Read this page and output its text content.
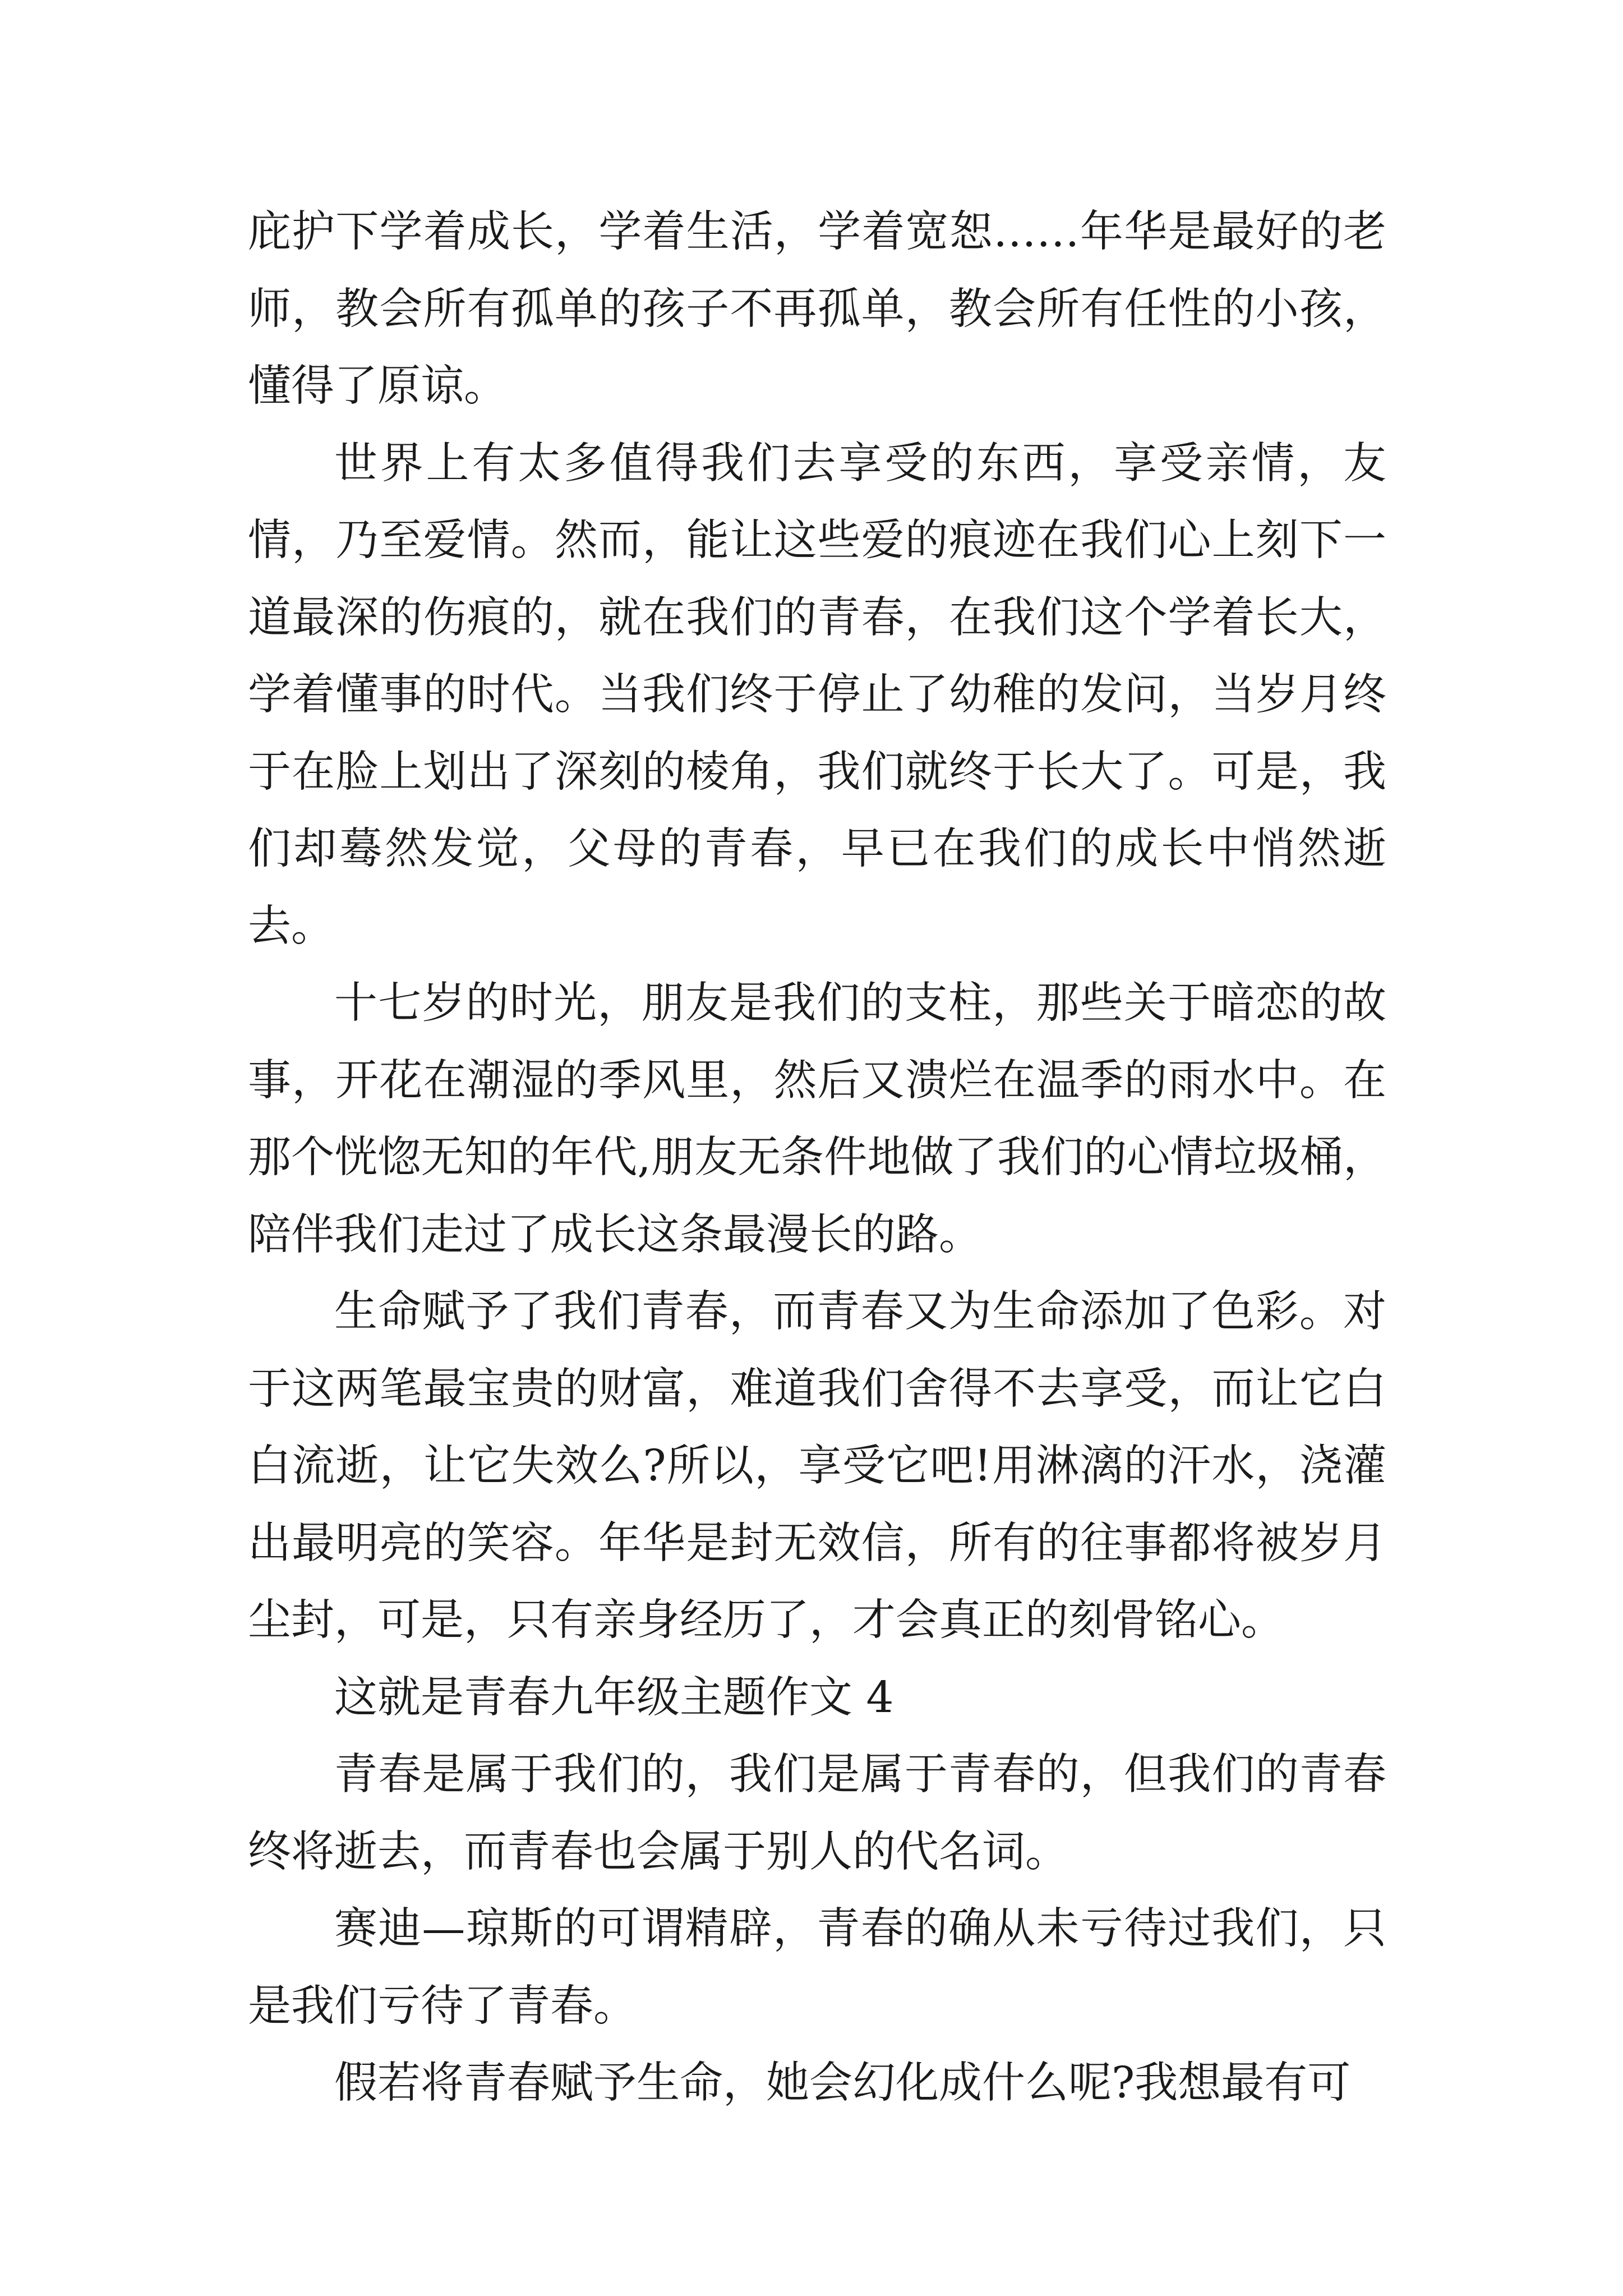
庇护下学着成长，学着生活，学着宽恕……年华是最好的老师，教会所有孤单的孩子不再孤单，教会所有任性的小孩，懂得了原谅。

世界上有太多值得我们去享受的东西，享受亲情，友情，乃至爱情。然而，能让这些爱的痕迹在我们心上刻下一道最深的伤痕的，就在我们的青春，在我们这个学着长大，学着懂事的时代。当我们终于停止了幼稚的发问，当岁月终于在脸上划出了深刻的棱角，我们就终于长大了。可是，我们却蓦然发觉，父母的青春，早已在我们的成长中悄然逝去。

十七岁的时光，朋友是我们的支柱，那些关于暗恋的故事，开花在潮湿的季风里，然后又溃烂在温季的雨水中。在那个恍惚无知的年代,朋友无条件地做了我们的心情垃圾桶，陪伴我们走过了成长这条最漫长的路。

生命赋予了我们青春，而青春又为生命添加了色彩。对于这两笔最宝贵的财富，难道我们舍得不去享受，而让它白白流逝，让它失效么?所以，享受它吧!用淋漓的汗水，浇灌出最明亮的笑容。年华是封无效信，所有的往事都将被岁月尘封，可是，只有亲身经历了，才会真正的刻骨铭心。

这就是青春九年级主题作文 4

青春是属于我们的，我们是属于青春的，但我们的青春终将逝去，而青春也会属于别人的代名词。

赛迪—琼斯的可谓精辟，青春的确从未亏待过我们，只是我们亏待了青春。

假若将青春赋予生命，她会幻化成什么呢?我想最有可
